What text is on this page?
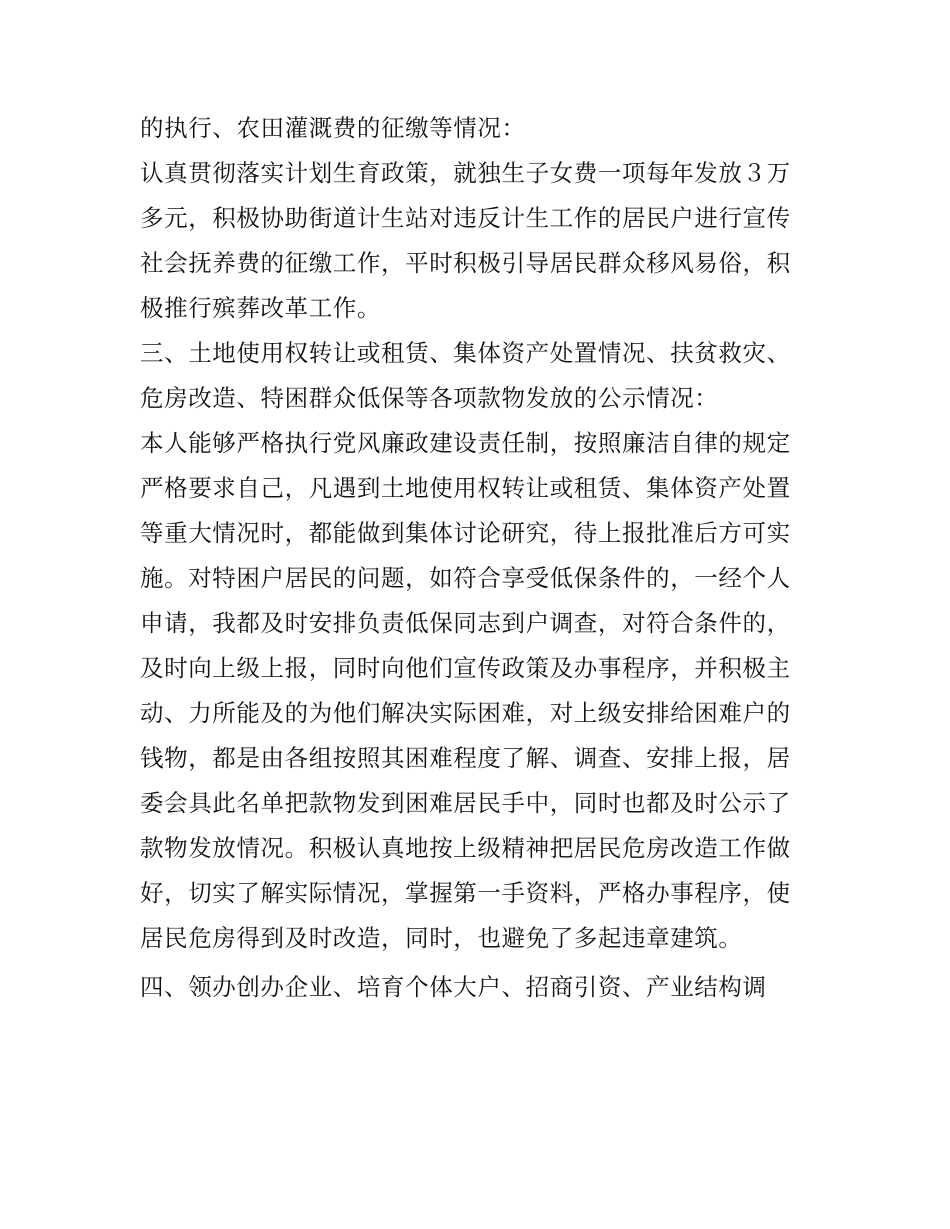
的执行、农田灌溉费的征缴等情况：
认真贯彻落实计划生育政策，就独生子女费一项每年发放３万
多元，积极协助街道计生站对违反计生工作的居民户进行宣传
社会抚养费的征缴工作，平时积极引导居民群众移风易俗，积
极推行殡葬改革工作。
三、土地使用权转让或租赁、集体资产处置情况、扶贫救灾、
危房改造、特困群众低保等各项款物发放的公示情况：
本人能够严格执行党风廉政建设责任制，按照廉洁自律的规定
严格要求自己，凡遇到土地使用权转让或租赁、集体资产处置
等重大情况时，都能做到集体讨论研究，待上报批准后方可实
施。对特困户居民的问题，如符合享受低保条件的，一经个人
申请，我都及时安排负责低保同志到户调查，对符合条件的，
及时向上级上报，同时向他们宣传政策及办事程序，并积极主
动、力所能及的为他们解决实际困难，对上级安排给困难户的
钱物，都是由各组按照其困难程度了解、调查、安排上报，居
委会具此名单把款物发到困难居民手中，同时也都及时公示了
款物发放情况。积极认真地按上级精神把居民危房改造工作做
好，切实了解实际情况，掌握第一手资料，严格办事程序，使
居民危房得到及时改造，同时，也避免了多起违章建筑。
四、领办创办企业、培育个体大户、招商引资、产业结构调
